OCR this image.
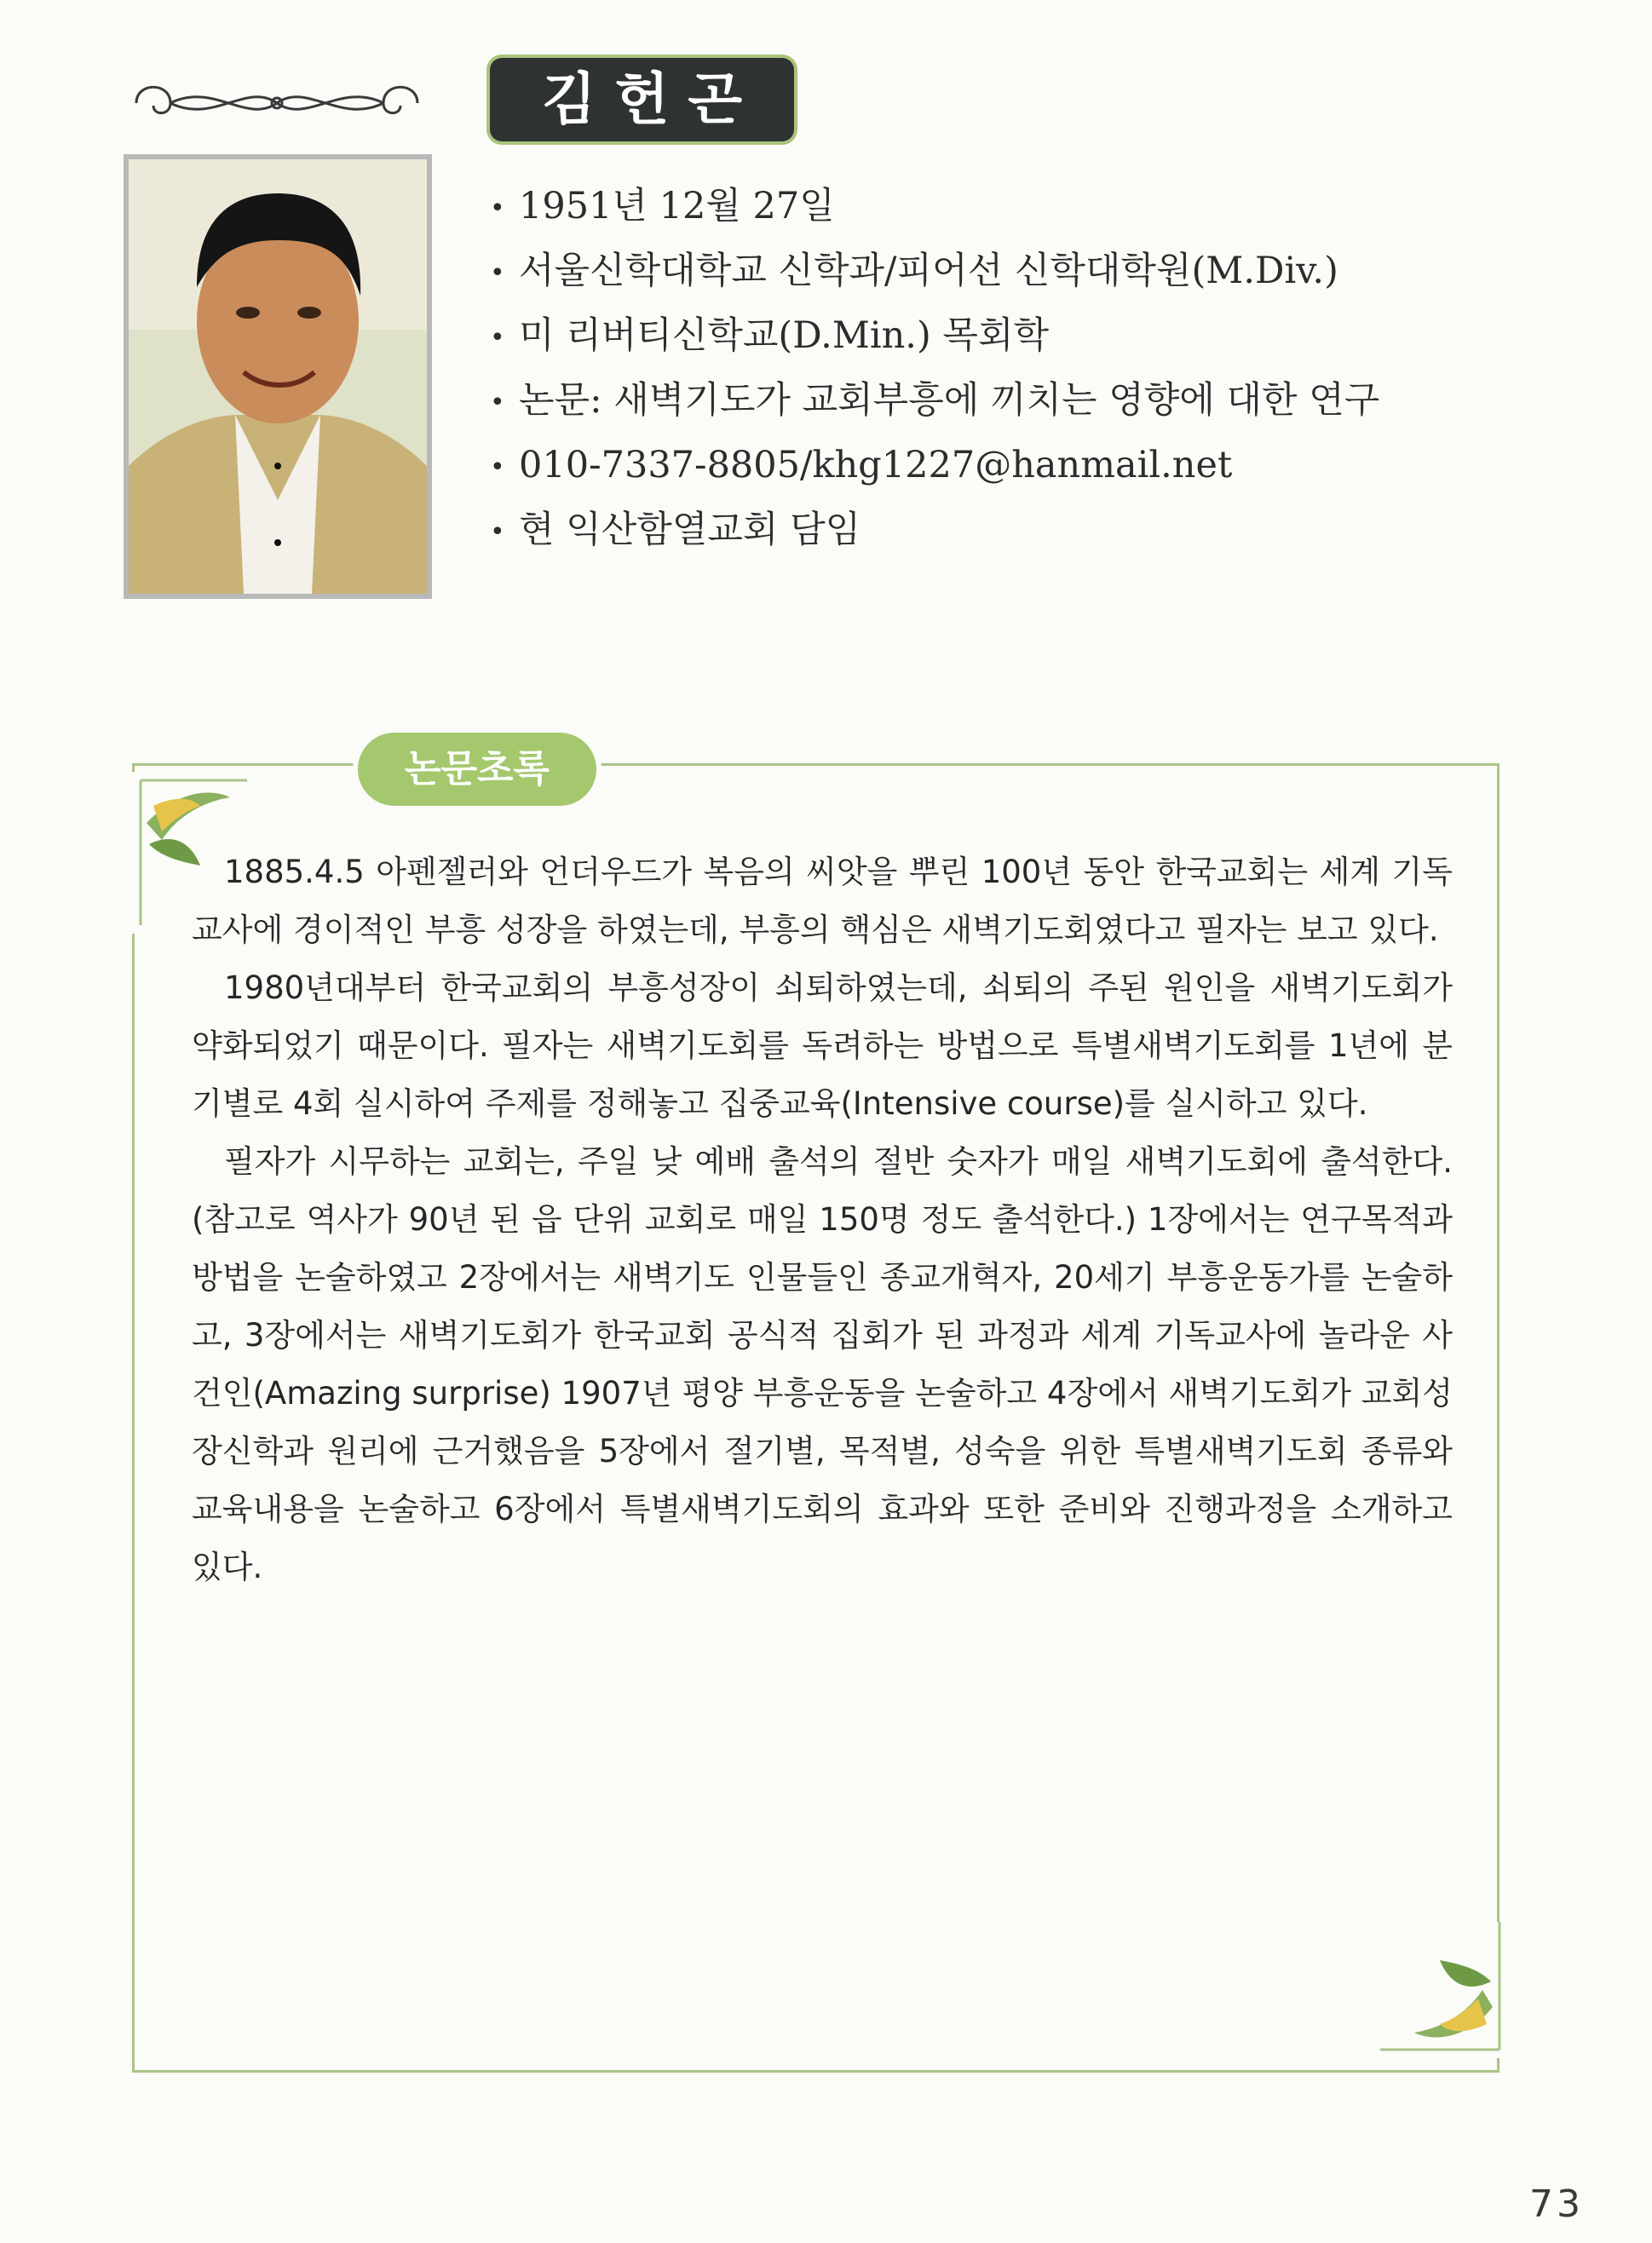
김헌곤
• 1951년 12월 27일
• 서울신학대학교 신학과/피어선 신학대학원(M.Div.)
• 미 리버티신학교(D.Min.) 목회학
• 논문: 새벽기도가 교회부흥에 끼치는 영향에 대한 연구
• 010-7337-8805/khg1227@hanmail.net
• 현 익산함열교회 담임
논문초록

1885.4.5 아펜젤러와 언더우드가 복음의 씨앗을 뿌린 100년 동안 한국교회는 세계 기독교사에 경이적인 부흥 성장을 하였는데, 부흥의 핵심은 새벽기도회였다고 필자는 보고 있다.

1980년대부터 한국교회의 부흥성장이 쇠퇴하였는데, 쇠퇴의 주된 원인을 새벽기도회가 약화되었기 때문이다. 필자는 새벽기도회를 독려하는 방법으로 특별새벽기도회를 1년에 분기별로 4회 실시하여 주제를 정해놓고 집중교육(Intensive course)를 실시하고 있다.

필자가 시무하는 교회는, 주일 낮 예배 출석의 절반 숫자가 매일 새벽기도회에 출석한다. (참고로 역사가 90년 된 읍 단위 교회로 매일 150명 정도 출석한다.) 1장에서는 연구목적과 방법을 논술하였고 2장에서는 새벽기도 인물들인 종교개혁자, 20세기 부흥운동가를 논술하고, 3장에서는 새벽기도회가 한국교회 공식적 집회가 된 과정과 세계 기독교사에 놀라운 사건인(Amazing surprise) 1907년 평양 부흥운동을 논술하고 4장에서 새벽기도회가 교회성장신학과 원리에 근거했음을 5장에서 절기별, 목적별, 성숙을 위한 특별새벽기도회 종류와 교육내용을 논술하고 6장에서 특별새벽기도회의 효과와 또한 준비와 진행과정을 소개하고 있다.

73
